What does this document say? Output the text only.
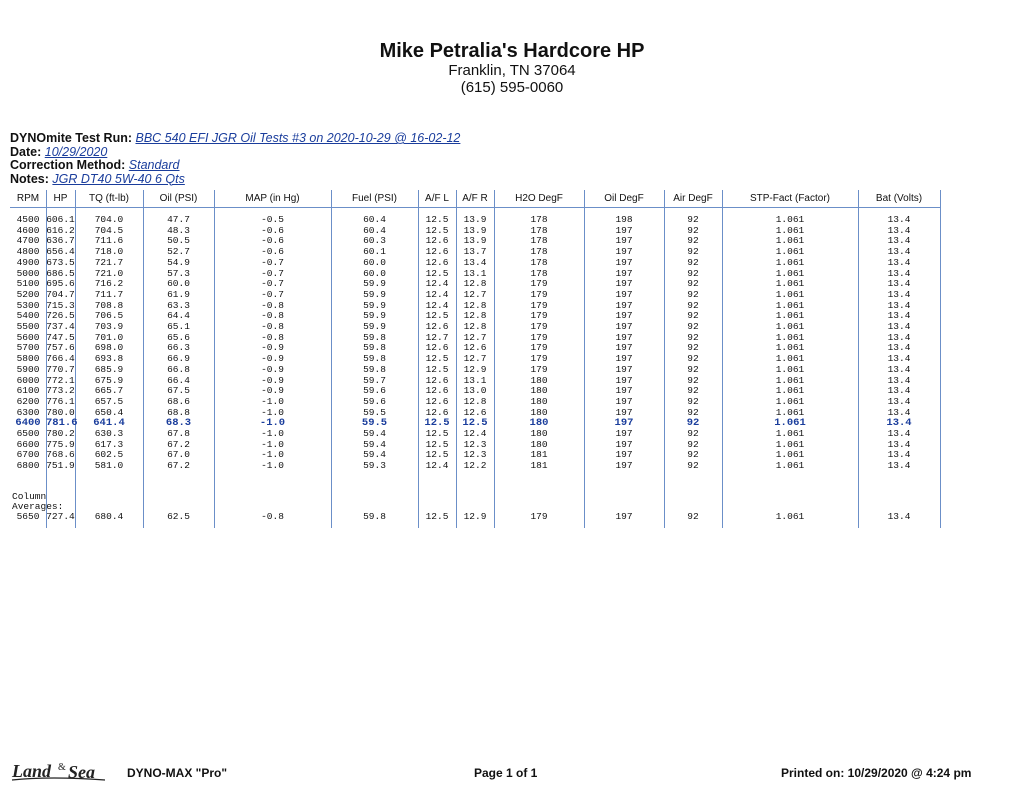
Mike Petralia's Hardcore HP
Franklin, TN 37064
(615) 595-0060
DYNOmite Test Run: BBC 540 EFI JGR Oil Tests #3 on 2020-10-29 @ 16-02-12
Date: 10/29/2020
Correction Method: Standard
Notes: JGR DT40 5W-40 6 Qts
Column
Averages:
RPM	HP	TQ (ft-lb)	Oil (PSI)	MAP (in Hg)	Fuel (PSI)	A/F L	A/F R	H2O DegF	Oil DegF	Air DegF	STP-Fact (Factor)	Bat (Volts)
4500 606.1	704.0	47.7	-0.5	60.4	12.5	13.9	178	198	92	1.061	13.4
4600 616.2	704.5	48.3	-0.6	60.4	12.5	13.9	178	197	92	1.061	13.4
4700 636.7	711.6	50.5	-0.6	60.3	12.6	13.9	178	197	92	1.061	13.4
4800 656.4	718.0	52.7	-0.6	60.1	12.6	13.7	178	197	92	1.061	13.4
4900 673.5	721.7	54.9	-0.7	60.0	12.6	13.4	178	197	92	1.061	13.4
5000 686.5	721.0	57.3	-0.7	60.0	12.5	13.1	178	197	92	1.061	13.4
5100 695.6	716.2	60.0	-0.7	59.9	12.4	12.8	179	197	92	1.061	13.4
5200 704.7	711.7	61.9	-0.7	59.9	12.4	12.7	179	197	92	1.061	13.4
5300 715.3	708.8	63.3	-0.8	59.9	12.4	12.8	179	197	92	1.061	13.4
5400 726.5	706.5	64.4	-0.8	59.9	12.5	12.8	179	197	92	1.061	13.4
5500 737.4	703.9	65.1	-0.8	59.9	12.6	12.8	179	197	92	1.061	13.4
5600 747.5	701.0	65.6	-0.8	59.8	12.7	12.7	179	197	92	1.061	13.4
5700 757.6	698.0	66.3	-0.9	59.8	12.6	12.6	179	197	92	1.061	13.4
5800 766.4	693.8	66.9	-0.9	59.8	12.5	12.7	179	197	92	1.061	13.4
5900 770.7	685.9	66.8	-0.9	59.8	12.5	12.9	179	197	92	1.061	13.4
6000 772.1	675.9	66.4	-0.9	59.7	12.6	13.1	180	197	92	1.061	13.4
6100 773.2	665.7	67.5	-0.9	59.6	12.6	13.0	180	197	92	1.061	13.4
6200 776.1	657.5	68.6	-1.0	59.6	12.6	12.8	180	197	92	1.061	13.4
6300 780.0	650.4	68.8	-1.0	59.5	12.6	12.6	180	197	92	1.061	13.4
6400 781.6	641.4	68.3	-1.0	59.5	12.5	12.5	180	197	92	1.061	13.4
6500 780.2	630.3	67.8	-1.0	59.4	12.5	12.4	180	197	92	1.061	13.4
6600 775.9	617.3	67.2	-1.0	59.4	12.5	12.3	180	197	92	1.061	13.4
6700 768.6	602.5	67.0	-1.0	59.4	12.5	12.3	181	197	92	1.061	13.4
6800 751.9	581.0	67.2	-1.0	59.3	12.4	12.2	181	197	92	1.061	13.4
5650 727.4	680.4	62.5	-0.8	59.8	12.5	12.9	179	197	92	1.061	13.4
Land & Sea	DYNO-MAX "Pro"	Page 1 of 1	Printed on: 10/29/2020 @ 4:24 pm
